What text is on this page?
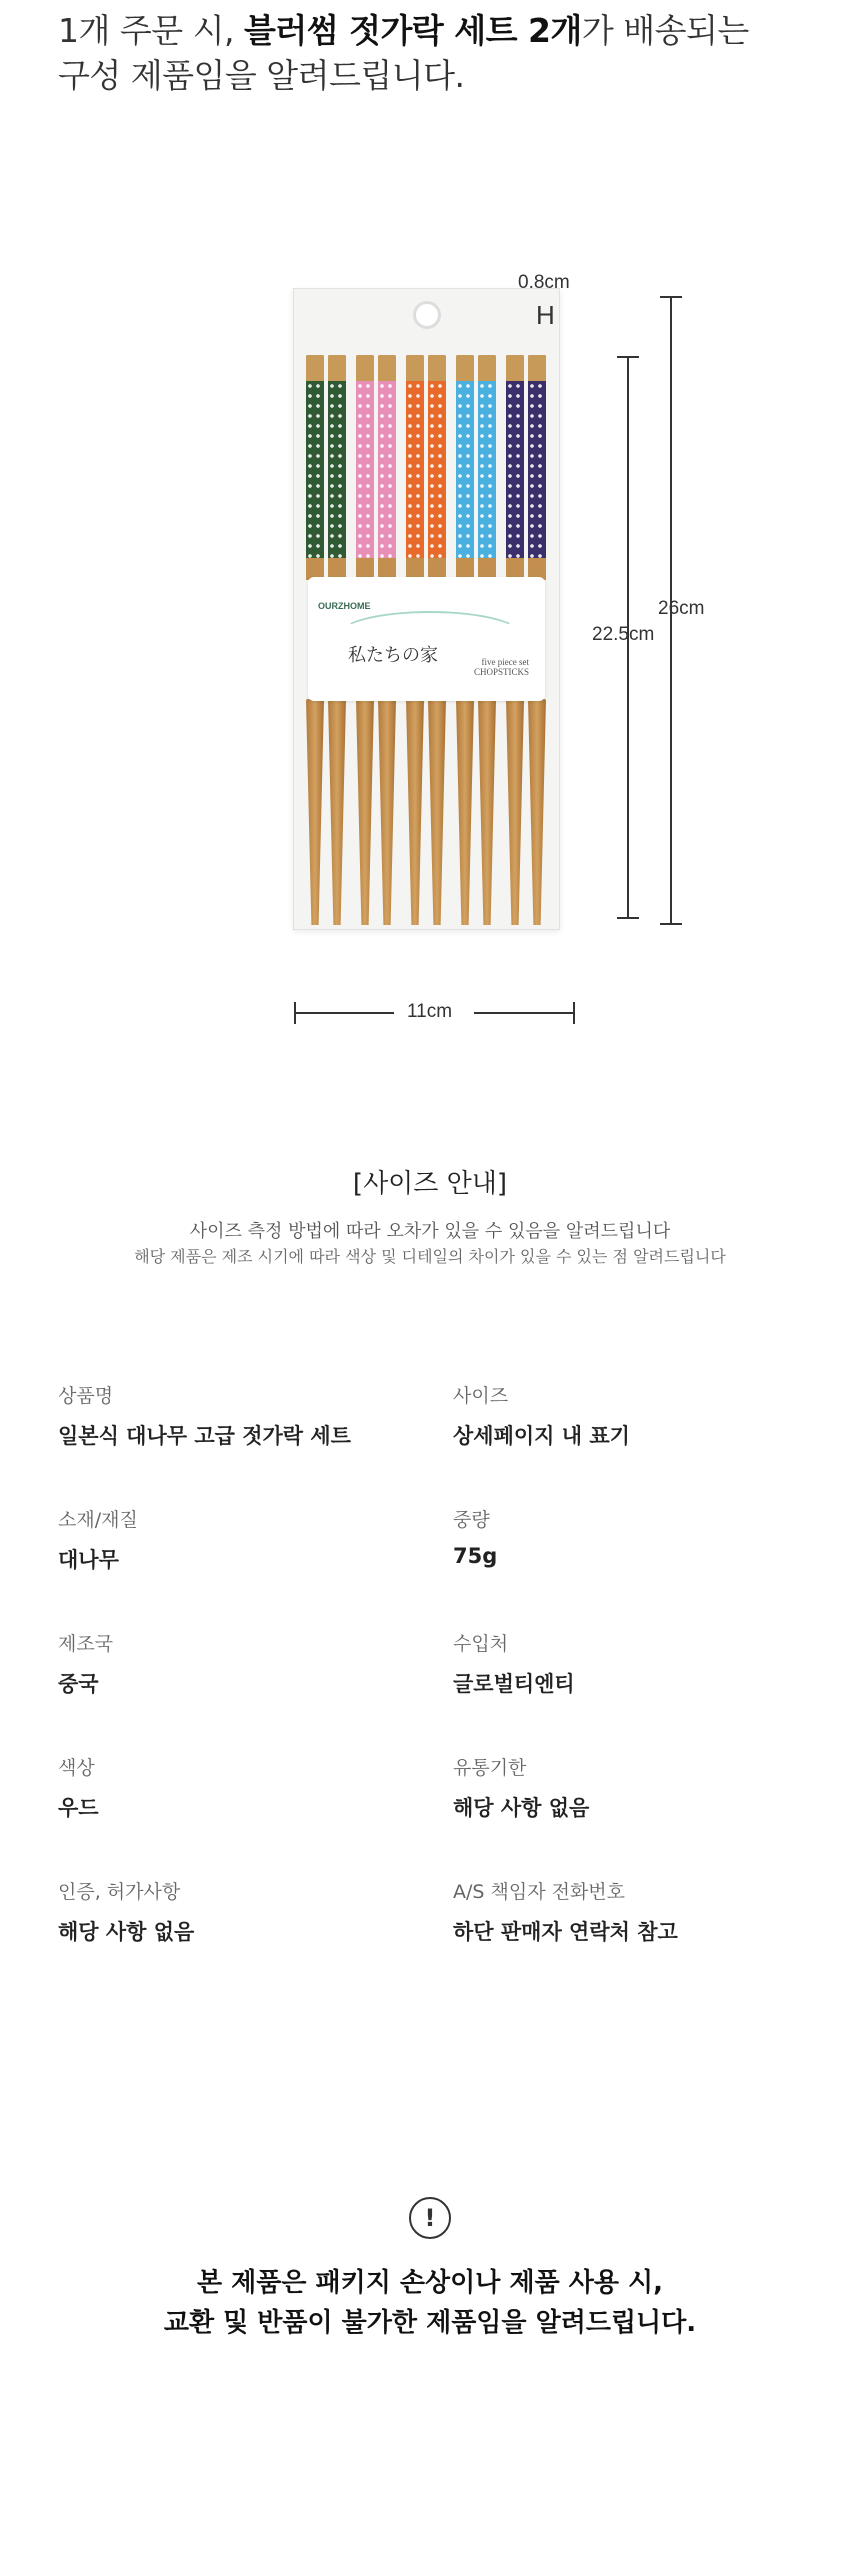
1개 주문 시, 블러썸 젓가락 세트 2개가 배송되는
구성 제품임을 알려드립니다.
OURZHOME
私たちの家	five piece set
CHOPSTICKS
0.8cm
H
26cm
22.5cm
11cm
[사이즈 안내]
사이즈 측정 방법에 따라 오차가 있을 수 있음을 알려드립니다
해당 제품은 제조 시기에 따라 색상 및 디테일의 차이가 있을 수 있는 점 알려드립니다
상품명
일본식 대나무 고급 젓가락 세트
사이즈
상세페이지 내 표기
소재/재질
대나무
중량
75g
제조국
중국
수입처
글로벌티엔티
색상
우드
유통기한
해당 사항 없음
인증, 허가사항
해당 사항 없음
A/S 책임자 전화번호
하단 판매자 연락처 참고
!
본 제품은 패키지 손상이나 제품 사용 시,
교환 및 반품이 불가한 제품임을 알려드립니다.
